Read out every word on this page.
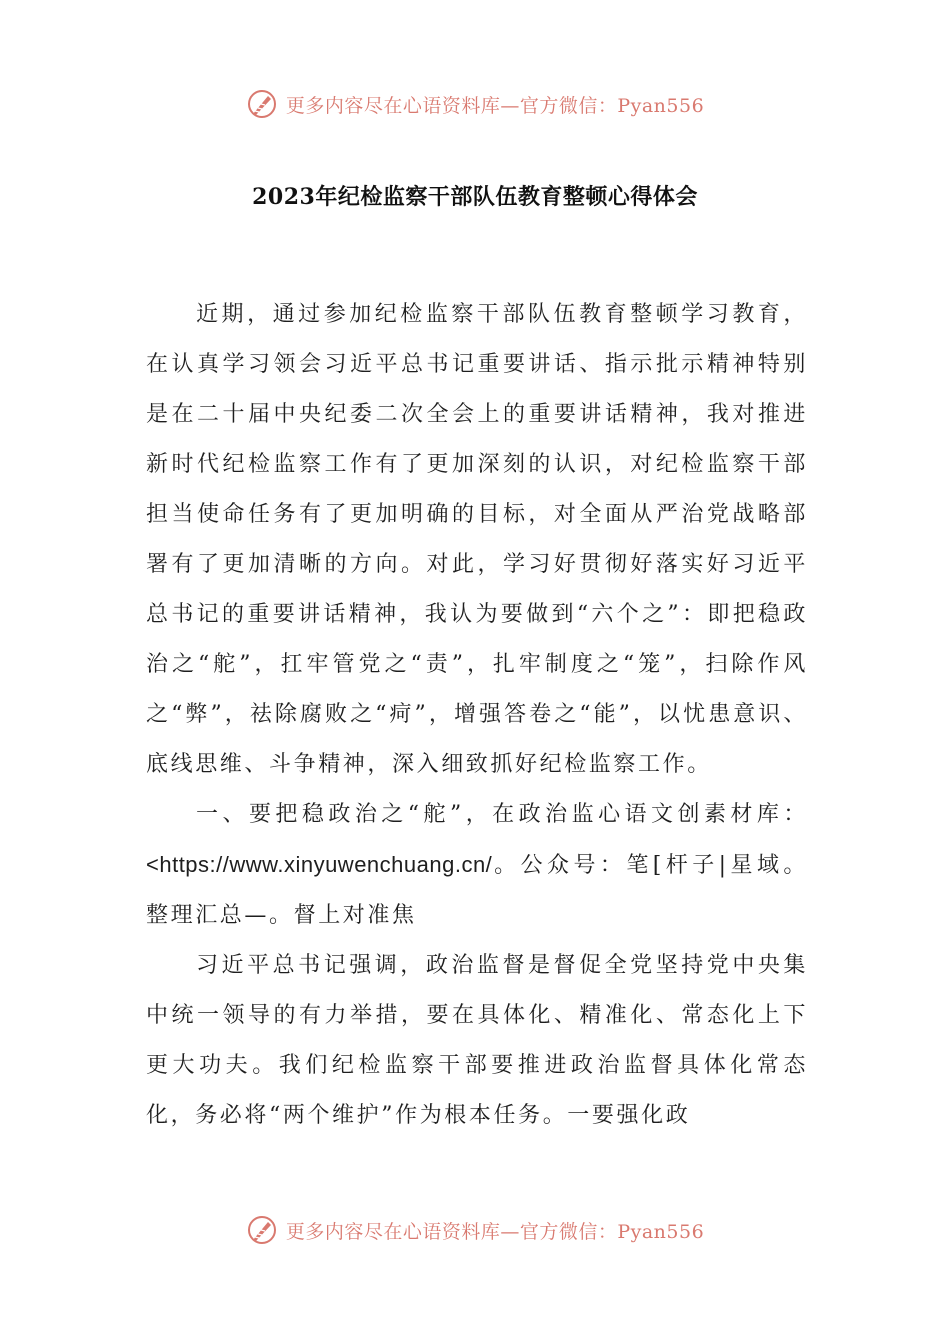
更多内容尽在心语资料库—官方微信：Pyan556
2023年纪检监察干部队伍教育整顿心得体会

近期，通过参加纪检监察干部队伍教育整顿学习教育，在认真学习领会习近平总书记重要讲话、指示批示精神特别是在二十届中央纪委二次全会上的重要讲话精神，我对推进新时代纪检监察工作有了更加深刻的认识，对纪检监察干部担当使命任务有了更加明确的目标，对全面从严治党战略部署有了更加清晰的方向。对此，学习好贯彻好落实好习近平总书记的重要讲话精神，我认为要做到“六个之”：即把稳政治之“舵”，扛牢管党之“责”，扎牢制度之“笼”，扫除作风之“弊”，祛除腐败之“疴”，增强答卷之“能”，以忧患意识、底线思维、斗争精神，深入细致抓好纪检监察工作。

一、要把稳政治之“舵”，在政治监心语文创素材库：<https://www.xinyuwenchuang.cn/。公众号：笔[杆子|星域。整理汇总—。督上对准焦

习近平总书记强调，政治监督是督促全党坚持党中央集中统一领导的有力举措，要在具体化、精准化、常态化上下更大功夫。我们纪检监察干部要推进政治监督具体化常态化，务必将“两个维护”作为根本任务。一要强化政

更多内容尽在心语资料库—官方微信：Pyan556
